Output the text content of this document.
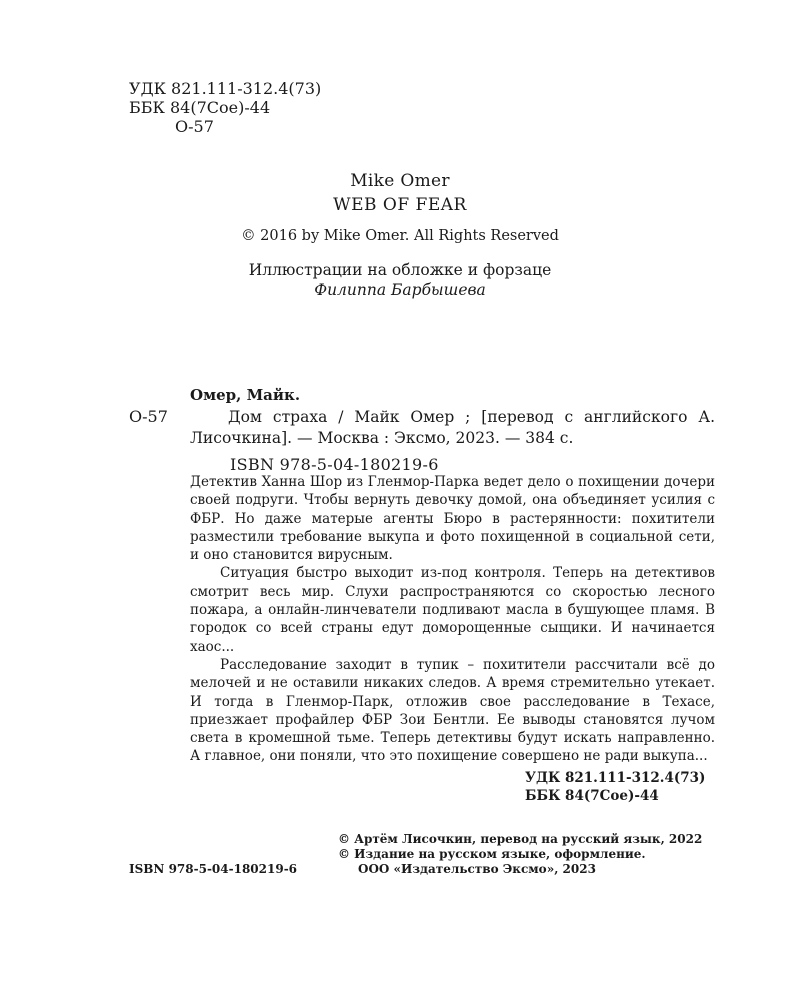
УДК 821.111-312.4(73)
ББК 84(7Сое)-44
О-57
Mike Omer
WEB OF FEAR
© 2016 by Mike Omer. All Rights Reserved
Иллюстрации на обложке и форзаце
Филиппа Барбышева
Омер, Майк.
О-57	Дом страха / Майк Омер ; [перевод с английского А. Лисочкина]. — Москва : Эксмо, 2023. — 384 с.
ISBN 978-5-04-180219-6

Детектив Ханна Шор из Гленмор-Парка ведет дело о похищении дочери своей подруги. Чтобы вернуть девочку домой, она объединяет усилия с ФБР. Но даже матерые агенты Бюро в растерянности: похитители разместили требование выкупа и фото похищенной в социальной сети, и оно становится вирусным.

Ситуация быстро выходит из-под контроля. Теперь на детективов смотрит весь мир. Слухи распространяются со скоростью лесного пожара, а онлайн-линчеватели подливают масла в бушующее пламя. В городок со всей страны едут доморощенные сыщики. И начинается хаос...

Расследование заходит в тупик – похитители рассчитали всё до мелочей и не оставили никаких следов. А время стремительно утекает. И тогда в Гленмор-Парк, отложив свое расследование в Техасе, приезжает профайлер ФБР Зои Бентли. Ее выводы становятся лучом света в кромешной тьме. Теперь детективы будут искать направленно. А главное, они поняли, что это похищение совершено не ради выкупа...

УДК 821.111-312.4(73)
ББК 84(7Сое)-44
© Артём Лисочкин, перевод на русский язык, 2022
© Издание на русском языке, оформление.
ООО «Издательство Эксмо», 2023
ISBN 978-5-04-180219-6
